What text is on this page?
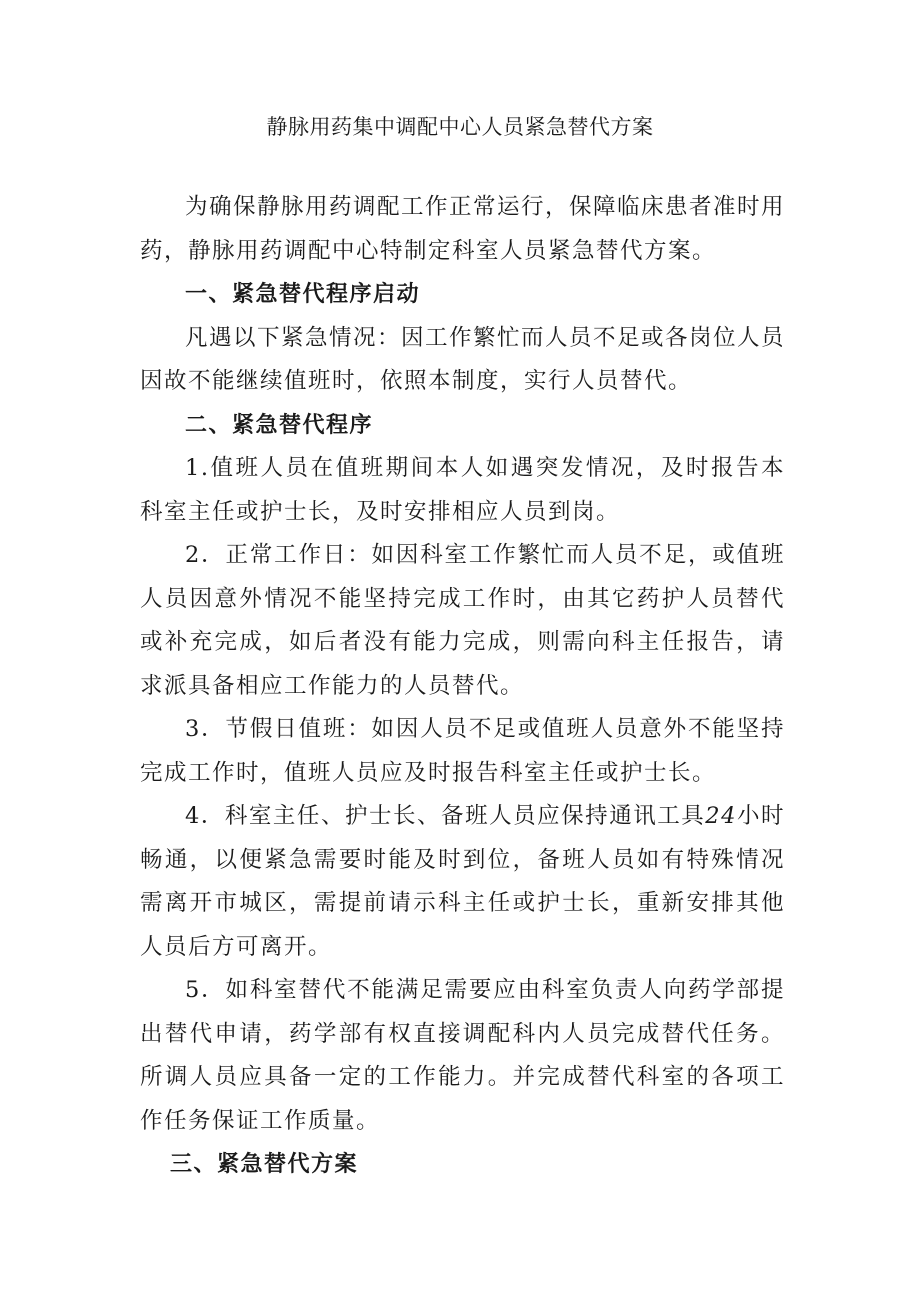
静脉用药集中调配中心人员紧急替代方案

为确保静脉用药调配工作正常运行，保障临床患者准时用药，静脉用药调配中心特制定科室人员紧急替代方案。

一、紧急替代程序启动

凡遇以下紧急情况：因工作繁忙而人员不足或各岗位人员因故不能继续值班时，依照本制度，实行人员替代。

二、紧急替代程序

1.值班人员在值班期间本人如遇突发情况，及时报告本科室主任或护士长，及时安排相应人员到岗。

2．正常工作日：如因科室工作繁忙而人员不足，或值班人员因意外情况不能坚持完成工作时，由其它药护人员替代或补充完成，如后者没有能力完成，则需向科主任报告，请求派具备相应工作能力的人员替代。

3．节假日值班：如因人员不足或值班人员意外不能坚持完成工作时，值班人员应及时报告科室主任或护士长。

4．科室主任、护士长、备班人员应保持通讯工具24小时畅通，以便紧急需要时能及时到位，备班人员如有特殊情况需离开市城区，需提前请示科主任或护士长，重新安排其他人员后方可离开。

5．如科室替代不能满足需要应由科室负责人向药学部提出替代申请，药学部有权直接调配科内人员完成替代任务。所调人员应具备一定的工作能力。并完成替代科室的各项工作任务保证工作质量。

三、紧急替代方案
